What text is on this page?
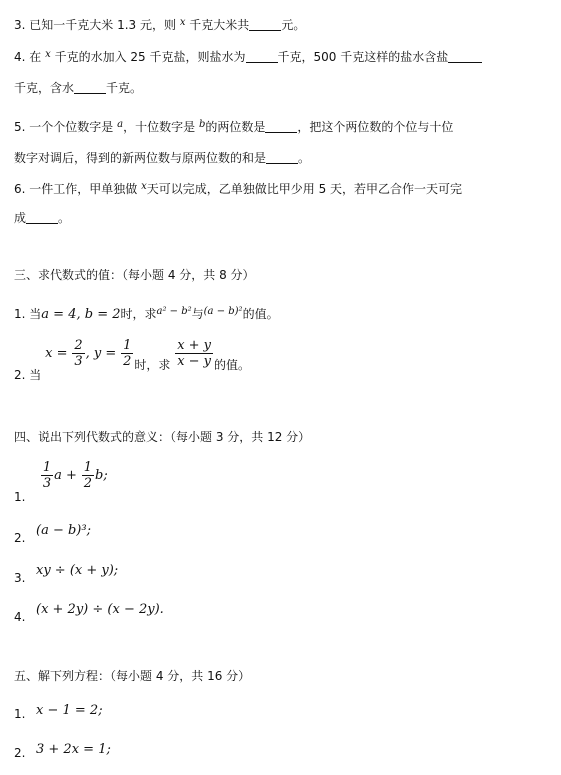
3. 已知一千克大米 1.3 元，则 x 千克大米共	元。
4. 在 x 千克的水加入 25 千克盐，则盐水为	千克，500 千克这样的盐水含盐
千克，含水	千克。
5. 一个个位数字是 a，十位数字是 b的两位数是	，把这个两位数的个位与十位
数字对调后，得到的新两位数与原两位数的和是	。
6. 一件工作，甲单独做 x天可以完成，乙单独做比甲少用 5 天，若甲乙合作一天可完
成	。
三、求代数式的值：（每小题 4 分，共 8 分）
1. 当a = 4, b = 2时，求a² − b²与(a − b)²的值。
2. 当 $x = \frac{2}{3}$ , $y = \frac{1}{2}$ 时，求 $\frac{x + y}{x - y}$ 的值。
四、说出下列代数式的意义：（每小题 3 分，共 12 分）
1.
$\frac{1}{3}$ $a + \frac{1}{2} b$;
2. (a − b)³;
3. xy ÷ (x + y);
4. (x + 2y) ÷ (x − 2y).
五、解下列方程：（每小题 4 分，共 16 分）
1. x − 1 = 2;
2. 3 + 2x = 1;
